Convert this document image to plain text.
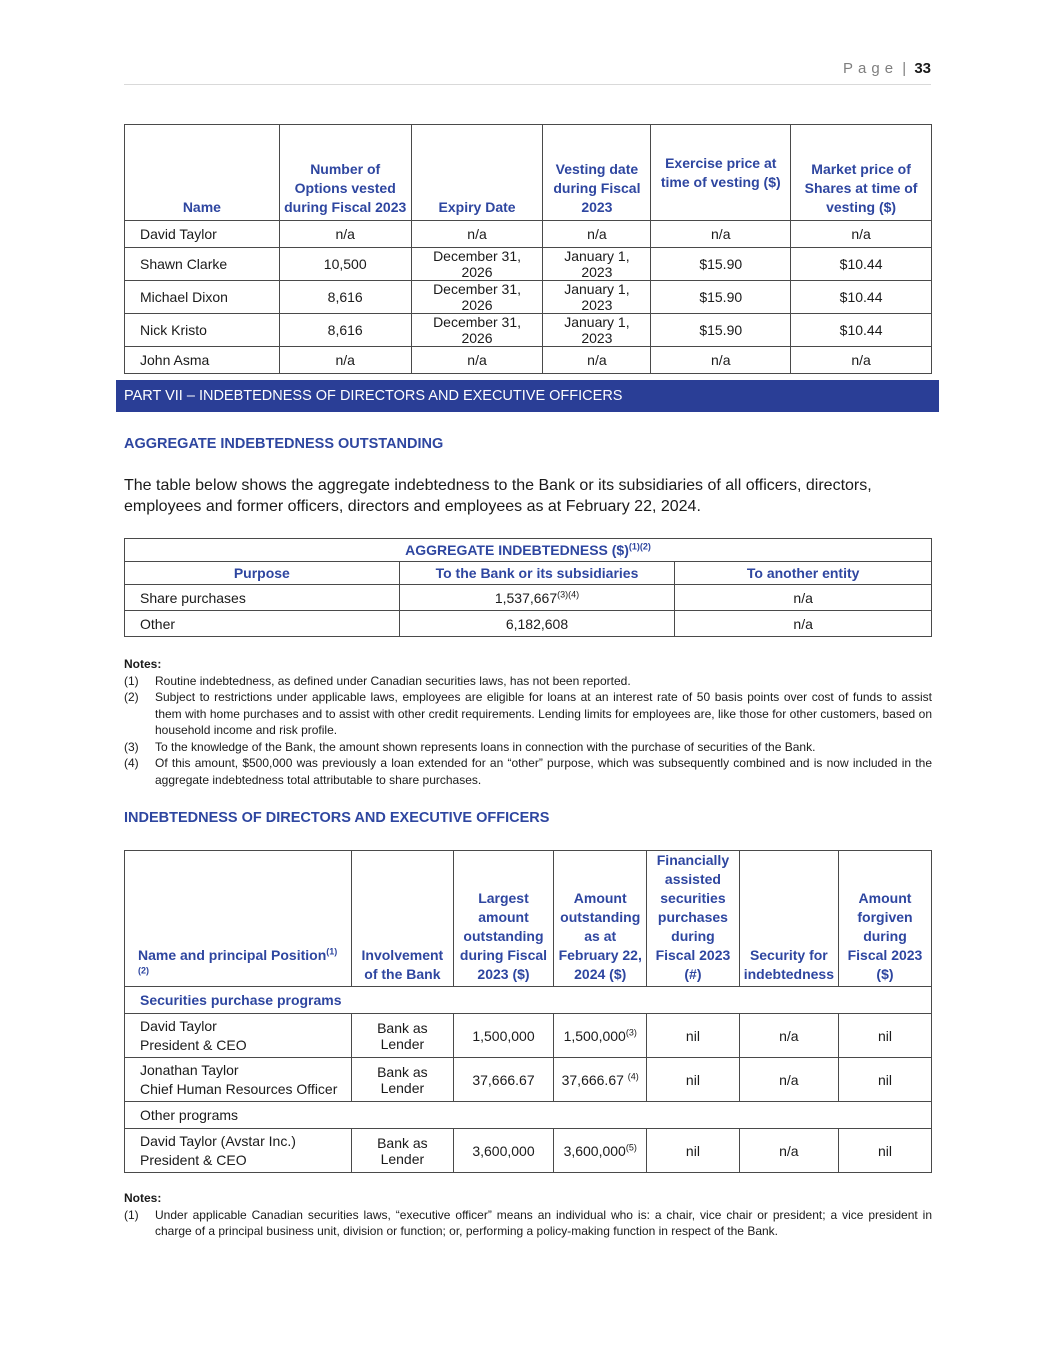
Page | 33
Name	Number of Options vested during Fiscal 2023	Expiry Date	Vesting date during Fiscal 2023	Exercise price at time of vesting ($)	Market price of Shares at time of vesting ($)
David Taylor	n/a	n/a	n/a	n/a	n/a
Shawn Clarke	10,500	December 31, 2026	January 1, 2023	$15.90	$10.44
Michael Dixon	8,616	December 31, 2026	January 1, 2023	$15.90	$10.44
Nick Kristo	8,616	December 31, 2026	January 1, 2023	$15.90	$10.44
John Asma	n/a	n/a	n/a	n/a	n/a
PART VII – INDEBTEDNESS OF DIRECTORS AND EXECUTIVE OFFICERS
AGGREGATE INDEBTEDNESS OUTSTANDING
The table below shows the aggregate indebtedness to the Bank or its subsidiaries of all officers, directors, employees and former officers, directors and employees as at February 22, 2024.
AGGREGATE INDEBTEDNESS ($)$^{(1)(2)}$
Purpose	To the Bank or its subsidiaries	To another entity
Share purchases	$1,537,667^{(3)(4)}$	n/a
Other	6,182,608	n/a
Notes:
(1)	Routine indebtedness, as defined under Canadian securities laws, has not been reported.
(2)	Subject to restrictions under applicable laws, employees are eligible for loans at an interest rate of 50 basis points over cost of funds to assist them with home purchases and to assist with other credit requirements. Lending limits for employees are, like those for other customers, based on household income and risk profile.
(3)	To the knowledge of the Bank, the amount shown represents loans in connection with the purchase of securities of the Bank.
(4)	Of this amount, $500,000 was previously a loan extended for an “other” purpose, which was subsequently combined and is now included in the aggregate indebtedness total attributable to share purchases.
INDEBTEDNESS OF DIRECTORS AND EXECUTIVE OFFICERS
Name and principal Position$^{(1)(2)}$	Involvement of the Bank	Largest amount outstanding during Fiscal 2023 ($)	Amount outstanding as at February 22, 2024 ($)	Financially assisted securities purchases during Fiscal 2023 (#)	Security for indebtedness	Amount forgiven during Fiscal 2023 ($)
Securities purchase programs						

David Taylor
President & CEO	Bank as Lender	1,500,000	1,500,000$^{(3)}$	nil	n/a	nil

Jonathan Taylor
Chief Human Resources Officer	Bank as Lender	37,666.67	37,666.67 $^{(4)}$	nil	n/a	nil
Other programs						

David Taylor (Avstar Inc.)
President & CEO	Bank as Lender	3,600,000	3,600,000$^{(5)}$	nil	n/a	nil
Notes:
(1)	Under applicable Canadian securities laws, “executive officer” means an individual who is: a chair, vice chair or president; a vice president in charge of a principal business unit, division or function; or, performing a policy-making function in respect of the Bank.
